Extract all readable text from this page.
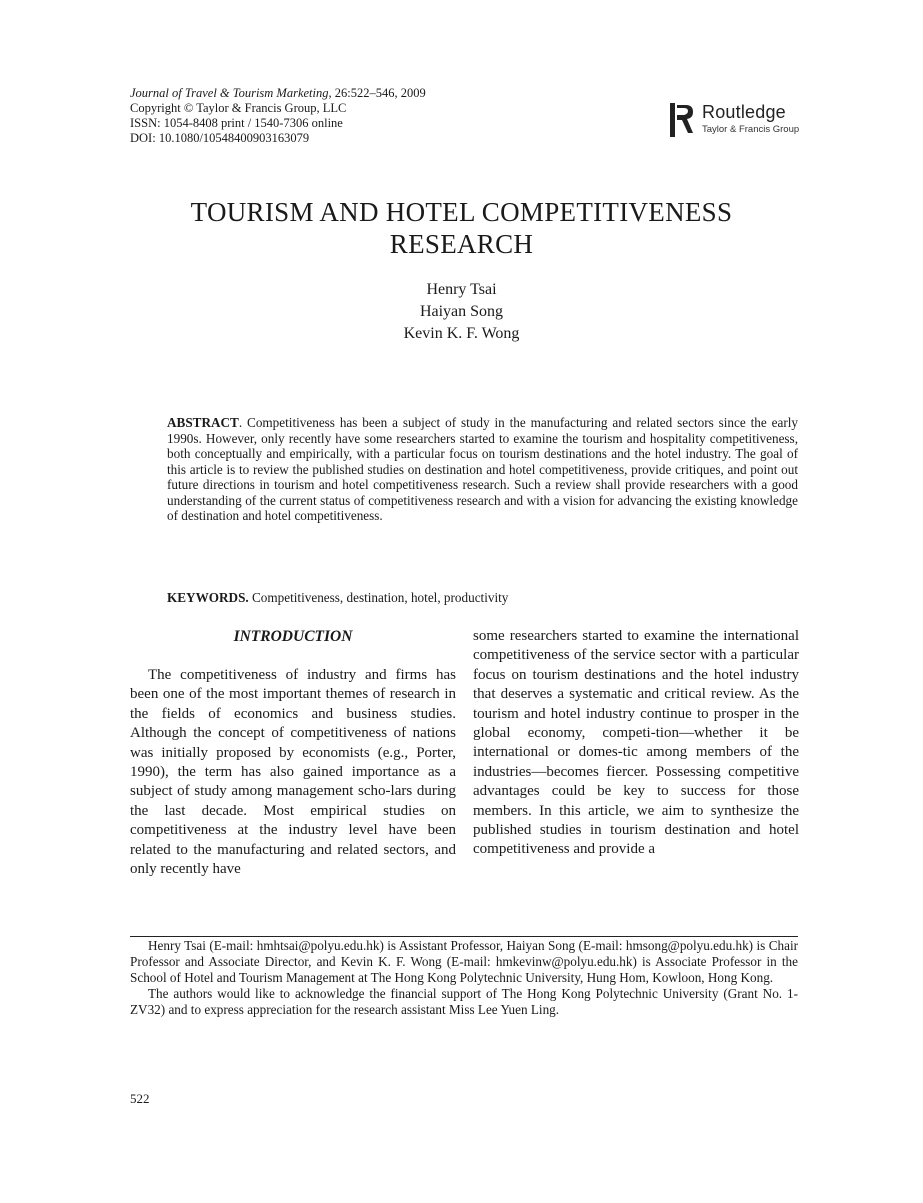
Journal of Travel & Tourism Marketing, 26:522–546, 2009
Copyright © Taylor & Francis Group, LLC
ISSN: 1054-8408 print / 1540-7306 online
DOI: 10.1080/10548400903163079
Routledge
Taylor & Francis Group
TOURISM AND HOTEL COMPETITIVENESS
RESEARCH
Henry Tsai
Haiyan Song
Kevin K. F. Wong
ABSTRACT. Competitiveness has been a subject of study in the manufacturing and related sectors since the early 1990s. However, only recently have some researchers started to examine the tourism and hospitality competitiveness, both conceptually and empirically, with a particular focus on tourism destinations and the hotel industry. The goal of this article is to review the published studies on destination and hotel competitiveness, provide critiques, and point out future directions in tourism and hotel competitiveness research. Such a review shall provide researchers with a good understanding of the current status of competitiveness research and with a vision for advancing the existing knowledge of destination and hotel competitiveness.
KEYWORDS. Competitiveness, destination, hotel, productivity
INTRODUCTION

The competitiveness of industry and firms has been one of the most important themes of research in the fields of economics and business studies. Although the concept of competitiveness of nations was initially proposed by economists (e.g., Porter, 1990), the term has also gained importance as a subject of study among management scho-lars during the last decade. Most empirical studies on competitiveness at the industry level have been related to the manufacturing and related sectors, and only recently have

some researchers started to examine the international competitiveness of the service sector with a particular focus on tourism destinations and the hotel industry that deserves a systematic and critical review. As the tourism and hotel industry continue to prosper in the global economy, competi-tion—whether it be international or domes-tic among members of the industries—becomes fiercer. Possessing competitive advantages could be key to success for those members. In this article, we aim to synthesize the published studies in tourism destination and hotel competitiveness and provide a

Henry Tsai (E-mail: hmhtsai@polyu.edu.hk) is Assistant Professor, Haiyan Song (E-mail: hmsong@polyu.edu.hk) is Chair Professor and Associate Director, and Kevin K. F. Wong (E-mail: hmkevinw@polyu.edu.hk) is Associate Professor in the School of Hotel and Tourism Management at The Hong Kong Polytechnic University, Hung Hom, Kowloon, Hong Kong.

The authors would like to acknowledge the financial support of The Hong Kong Polytechnic University (Grant No. 1-ZV32) and to express appreciation for the research assistant Miss Lee Yuen Ling.

522
